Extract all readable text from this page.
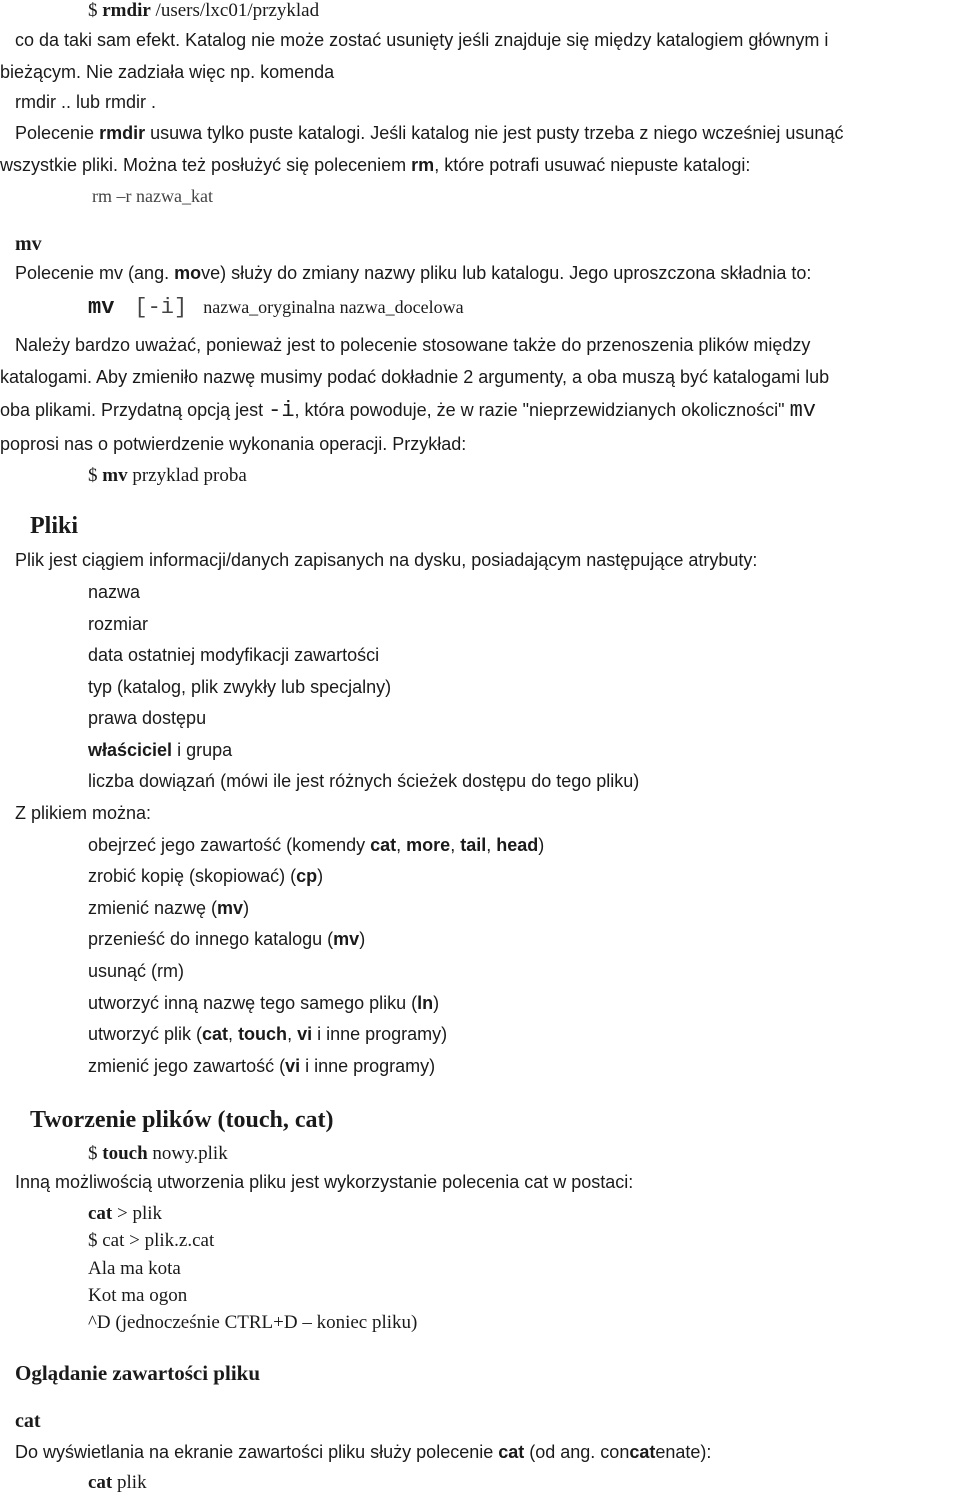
$ rmdir /users/lxc01/przyklad
co da taki sam efekt. Katalog nie może zostać usunięty jeśli znajduje się między katalogiem głównym i
bieżącym. Nie zadziała więc np. komenda
rmdir .. lub rmdir .
Polecenie rmdir usuwa tylko puste katalogi. Jeśli katalog nie jest pusty trzeba z niego wcześniej usunąć
wszystkie pliki. Można też posłużyć się poleceniem rm, które potrafi usuwać niepuste katalogi:
rm –r nazwa_kat
mv
Polecenie mv (ang. move) służy do zmiany nazwy pliku lub katalogu. Jego uproszczona składnia to:
mv [-i] nazwa_oryginalna nazwa_docelowa
Należy bardzo uważać, ponieważ jest to polecenie stosowane także do przenoszenia plików między
katalogami. Aby zmieniło nazwę musimy podać dokładnie 2 argumenty, a oba muszą być katalogami lub
oba plikami. Przydatną opcją jest -i, która powoduje, że w razie "nieprzewidzianych okoliczności" mv
poprosi nas o potwierdzenie wykonania operacji. Przykład:
$ mv przyklad proba
Pliki
Plik jest ciągiem informacji/danych zapisanych na dysku, posiadającym następujące atrybuty:
nazwa
rozmiar
data ostatniej modyfikacji zawartości
typ (katalog, plik zwykły lub specjalny)
prawa dostępu
właściciel i grupa
liczba dowiązań (mówi ile jest różnych ścieżek dostępu do tego pliku)
Z plikiem można:
obejrzeć jego zawartość (komendy cat, more, tail, head)
zrobić kopię (skopiować) (cp)
zmienić nazwę (mv)
przenieść do innego katalogu (mv)
usunąć (rm)
utworzyć inną nazwę tego samego pliku (ln)
utworzyć plik (cat, touch, vi i inne programy)
zmienić jego zawartość (vi i inne programy)
Tworzenie plików (touch, cat)
$ touch nowy.plik
Inną możliwością utworzenia pliku jest wykorzystanie polecenia cat w postaci:
cat > plik
$ cat > plik.z.cat
Ala ma kota
Kot ma ogon
^D (jednocześnie CTRL+D – koniec pliku)
Oglądanie zawartości pliku
cat
Do wyświetlania na ekranie zawartości pliku służy polecenie cat (od ang. concatenate):
cat plik
